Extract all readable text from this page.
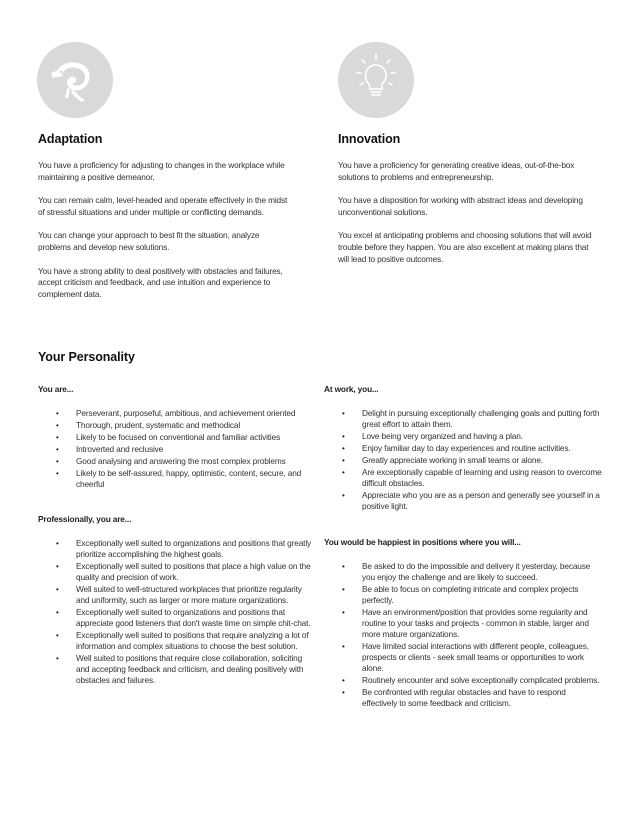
Adaptation
You have a proficiency for adjusting to changes in the workplace while maintaining a positive demeanor.
You can remain calm, level-headed and operate effectively in the midst of stressful situations and under multiple or conflicting demands.
You can change your approach to best fit the situation, analyze problems and develop new solutions.
You have a strong ability to deal positively with obstacles and failures, accept criticism and feedback, and use intuition and experience to complement data.
Innovation
You have a proficiency for generating creative ideas, out-of-the-box solutions to problems and entrepreneurship.
You have a disposition for working with abstract ideas and developing unconventional solutions.
You excel at anticipating problems and choosing solutions that will avoid trouble before they happen. You are also excellent at making plans that will lead to positive outcomes.
Your Personality
You are...
• Perseverant, purposeful, ambitious, and achievement oriented
• Thorough, prudent, systematic and methodical
• Likely to be focused on conventional and familiar activities
• Introverted and reclusive
• Good analysing and answering the most complex problems
• Likely to be self-assured, happy, optimistic, content, secure, and cheerful
Professionally, you are...
• Exceptionally well suited to organizations and positions that greatly prioritize accomplishing the highest goals.
• Exceptionally well suited to positions that place a high value on the quality and precision of work.
• Well suited to well-structured workplaces that prioritize regularity and uniformity, such as larger or more mature organizations.
• Exceptionally well suited to organizations and positions that appreciate good listeners that don't waste time on simple chit-chat.
• Exceptionally well suited to positions that require analyzing a lot of information and complex situations to choose the best solution.
• Well suited to positions that require close collaboration, soliciting and accepting feedback and criticism, and dealing positively with obstacles and failures.
At work, you...
• Delight in pursuing exceptionally challenging goals and putting forth great effort to attain them.
• Love being very organized and having a plan.
• Enjoy familiar day to day experiences and routine activities.
• Greatly appreciate working in small teams or alone.
• Are exceptionally capable of learning and using reason to overcome difficult obstacles.
• Appreciate who you are as a person and generally see yourself in a positive light.
You would be happiest in positions where you will...
• Be asked to do the impossible and delivery it yesterday, because you enjoy the challenge and are likely to succeed.
• Be able to focus on completing intricate and complex projects perfectly.
• Have an environment/position that provides some regularity and routine to your tasks and projects - common in stable, larger and more mature organizations.
• Have limited social interactions with different people, colleagues, prospects or clients - seek small teams or opportunities to work alone.
• Routinely encounter and solve exceptionally complicated problems.
• Be confronted with regular obstacles and have to respond effectively to some feedback and criticism.
